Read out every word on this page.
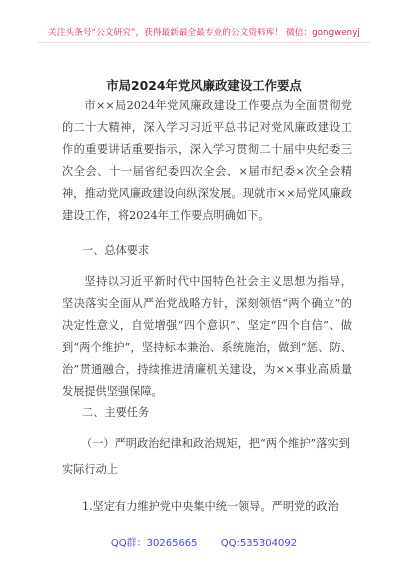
关注头条号“公文研究”，获得最新最全最专业的公文资料库！ 微信：gongwenyj
市局2024年党风廉政建设工作要点
市××局2024年党风廉政建设工作要点为全面贯彻党的二十大精神，深入学习习近平总书记对党风廉政建设工作的重要讲话重要指示，深入学习贯彻二十届中央纪委三次全会、十一届省纪委四次全会、×届市纪委×次全会精神，推动党风廉政建设向纵深发展。现就市××局党风廉政建设工作，将2024年工作要点明确如下。
一、总体要求
坚持以习近平新时代中国特色社会主义思想为指导，坚决落实全面从严治党战略方针，深刻领悟“两个确立”的决定性意义，自觉增强“四个意识”、坚定“四个自信”、做到“两个维护”，坚持标本兼治、系统施治，做到“惩、防、治”贯通融合，持续推进清廉机关建设，为××事业高质量发展提供坚强保障。
二、主要任务
（一）严明政治纪律和政治规矩，把“两个维护”落实到实际行动上
1.坚定有力维护党中央集中统一领导。严明党的政治
QQ群：30265665 QQ:535304092
